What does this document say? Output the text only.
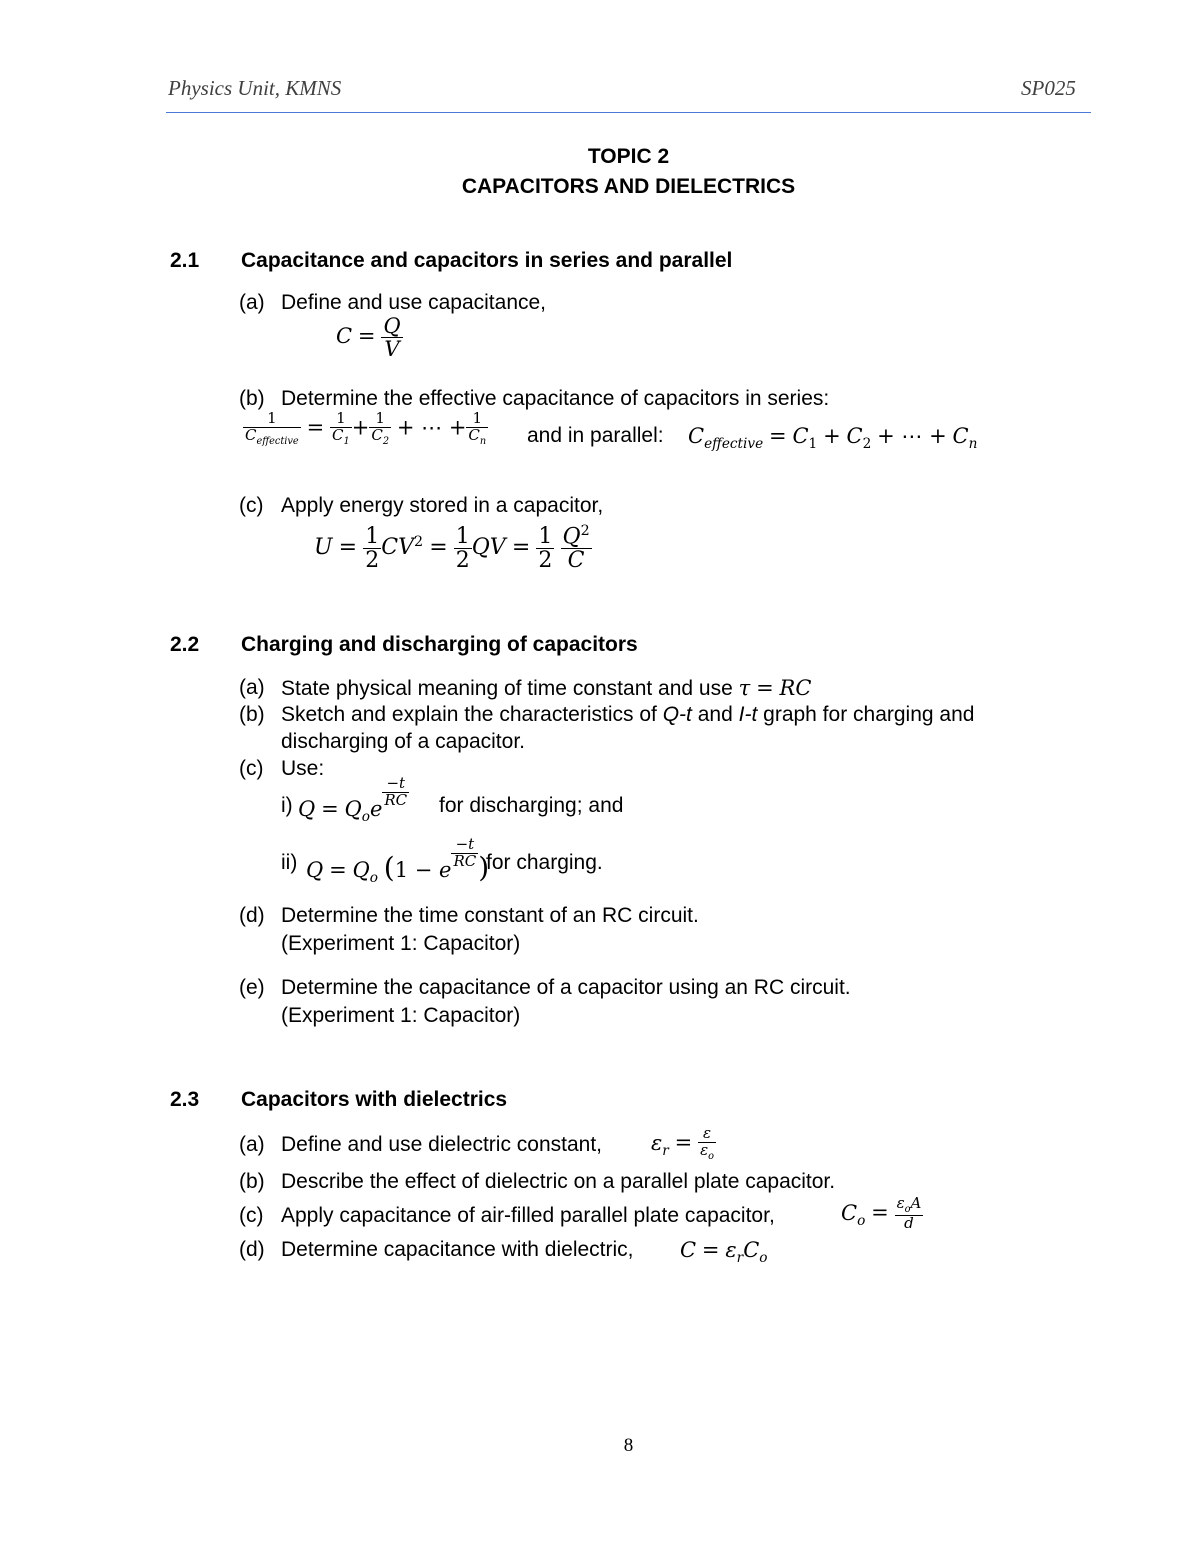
Physics Unit, KMNS	SP025
TOPIC 2
CAPACITORS AND DIELECTRICS
2.1 Capacitance and capacitors in series and parallel
(a) Define and use capacitance,
$C = \frac{Q}{V}$
(b) Determine the effective capacitance of capacitors in series:
$\frac{1}{C_{effective}} = \frac{1}{C_1} + \frac{1}{C_2}$ + ⋯ + $\frac{1}{C_n}$ and in parallel: $C_{effective} = C_1 + C_2$ + ⋯ + $C_n$
(c) Apply energy stored in a capacitor,
$U = \frac{1}{2} CV^2 = \frac{1}{2}$ QV = $\frac{1}{2}$
$\frac{Q^2}{C}$
2.2 Charging and discharging of capacitors
(a) State physical meaning of time constant and use τ = RC
(b) Sketch and explain the characteristics of Q-t and I-t graph for charging and
discharging of a capacitor.
(c) Use:
i) $Q = Q_oe$
$\frac{-t}{RC}$ for discharging; and
ii) $Q = Q_o$ (1 − e
$\frac{-t}{RC}$ )
for charging.
(d) Determine the time constant of an RC circuit.
(Experiment 1: Capacitor)
(e) Determine the capacitance of a capacitor using an RC circuit.
(Experiment 1: Capacitor)
2.3 Capacitors with dielectrics
(a) Define and use dielectric constant, $\varepsilon_r = \frac{\varepsilon}{\varepsilon_o}$
(b) Describe the effect of dielectric on a parallel plate capacitor.
(c) Apply capacitance of air-filled parallel plate capacitor,	$C_o = \frac{\varepsilon_oA}{d}$
(d) Determine capacitance with dielectric, $C = \varepsilon_rC_o$
8
